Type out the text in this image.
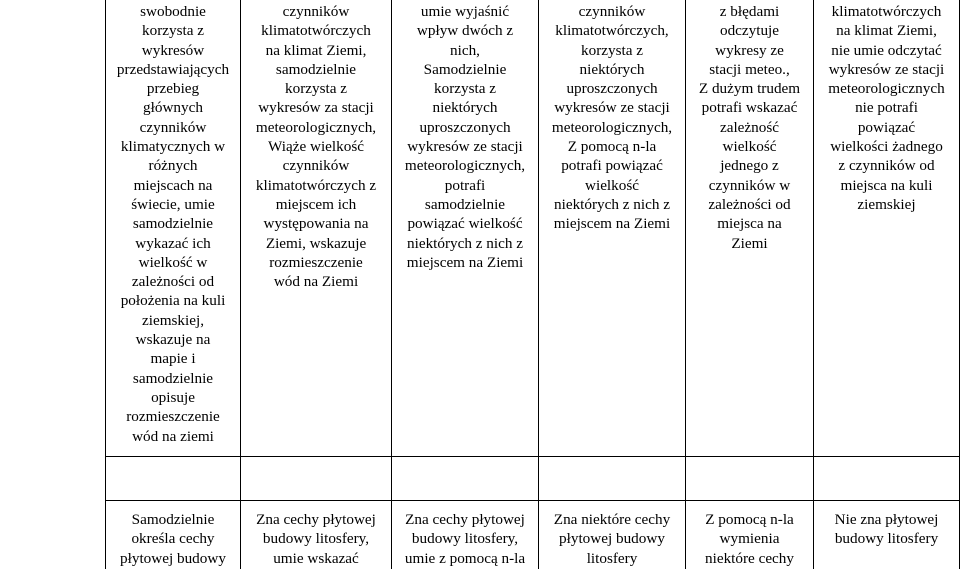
swobodnie
korzysta z
wykresów
przedstawiających
przebieg
głównych
czynników
klimatycznych w
różnych
miejscach na
świecie, umie
samodzielnie
wykazać ich
wielkość w
zależności od
położenia na kuli
ziemskiej,
wskazuje na
mapie i
samodzielnie
opisuje
rozmieszczenie
wód na ziemi
czynników
klimatotwórczych
na klimat Ziemi,
samodzielnie
korzysta z
wykresów za stacji
meteorologicznych,
Wiąże wielkość
czynników
klimatotwórczych z
miejscem ich
występowania na
Ziemi, wskazuje
rozmieszczenie
wód na Ziemi
umie wyjaśnić
wpływ dwóch z
nich,
Samodzielnie
korzysta z
niektórych
uproszczonych
wykresów ze stacji
meteorologicznych,
potrafi
samodzielnie
powiązać wielkość
niektórych z nich z
miejscem na Ziemi
czynników
klimatotwórczych,
korzysta z
niektórych
uproszczonych
wykresów ze stacji
meteorologicznych,
Z pomocą n-la
potrafi powiązać
wielkość
niektórych z nich z
miejscem na Ziemi
z błędami
odczytuje
wykresy ze
stacji meteo.,
Z dużym trudem
potrafi wskazać
zależność
wielkość
jednego z
czynników w
zależności od
miejsca na
Ziemi
klimatotwórczych
na klimat Ziemi,
nie umie odczytać
wykresów ze stacji
meteorologicznych
nie potrafi
powiązać
wielkości żadnego
z czynników od
miejsca na kuli
ziemskiej
Samodzielnie
określa cechy
płytowej budowy
Zna cechy płytowej
budowy litosfery,
umie wskazać
Zna cechy płytowej
budowy litosfery,
umie z pomocą n-la
Zna niektóre cechy
płytowej budowy
litosfery
Z pomocą n-la
wymienia
niektóre cechy
Nie zna płytowej
budowy litosfery
